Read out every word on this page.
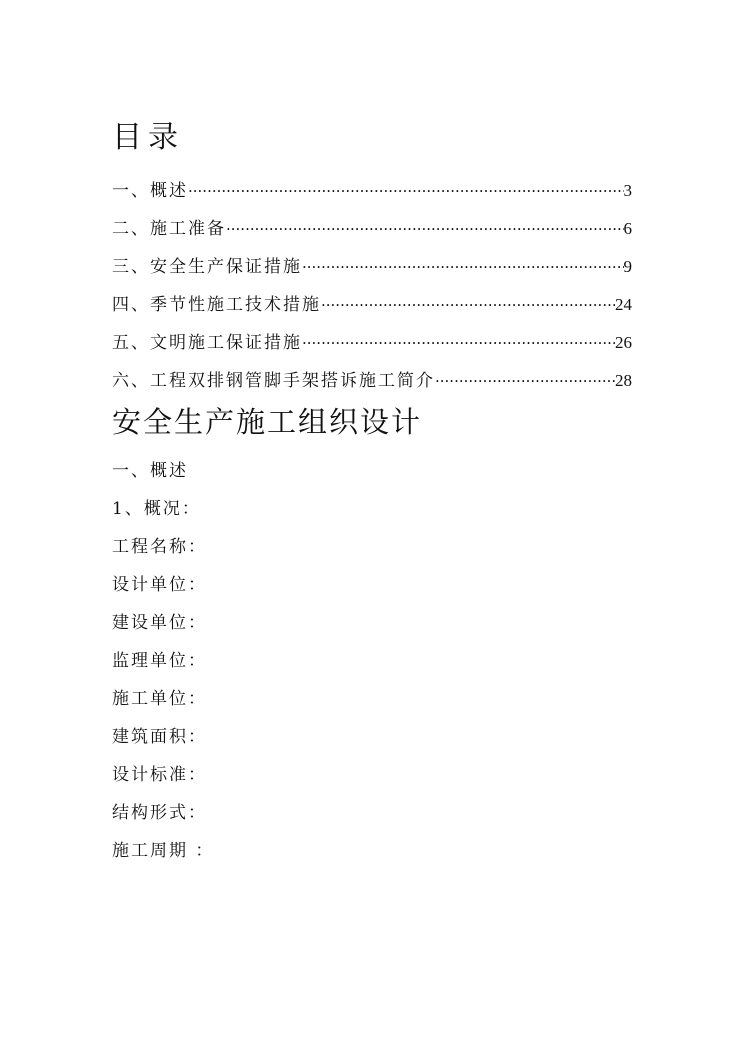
目录
一、概述 ·····	3
二、施工准备 ·····	6
三、安全生产保证措施 ·····	9
四、季节性施工技术措施 ·····	24
五、文明施工保证措施 ·····	26
六、工程双排钢管脚手架搭诉施工简介 ·····	28
安全生产施工组织设计
一、概述
1、概况：
工程名称：
设计单位：
建设单位：
监理单位：
施工单位：
建筑面积：
设计标准：
结构形式：
施工周期 ：
